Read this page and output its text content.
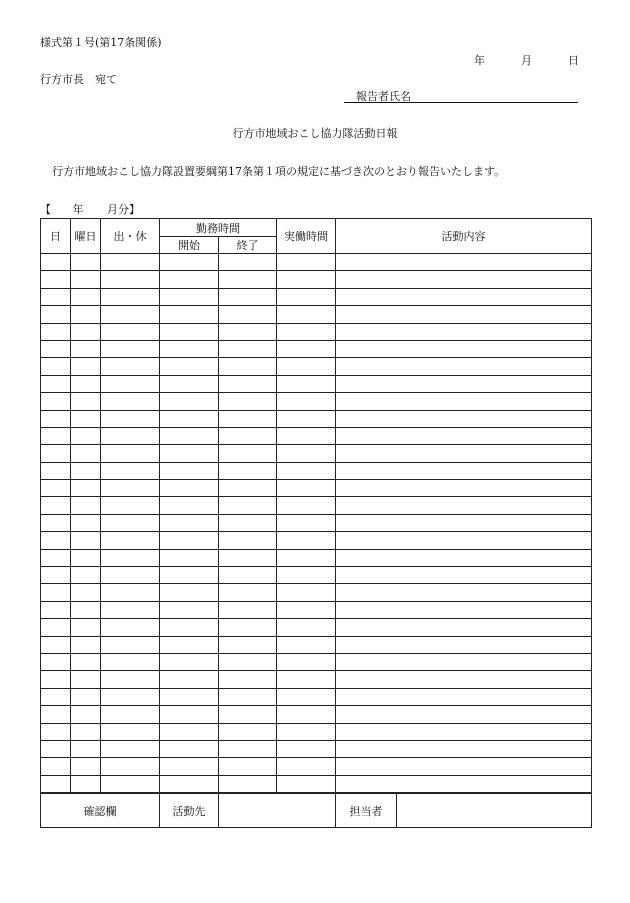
様式第１号(第17条関係)
年	月	日
行方市長　宛て
報告者氏名
行方市地域おこし協力隊活動日報
行方市地域おこし協力隊設置要綱第17条第１項の規定に基づき次のとおり報告いたします。
【 年 月分】
日	曜日	出・休	勤務時間		実働時間	活動内容
			開始	終了		

確認欄	活動先		担当者	
